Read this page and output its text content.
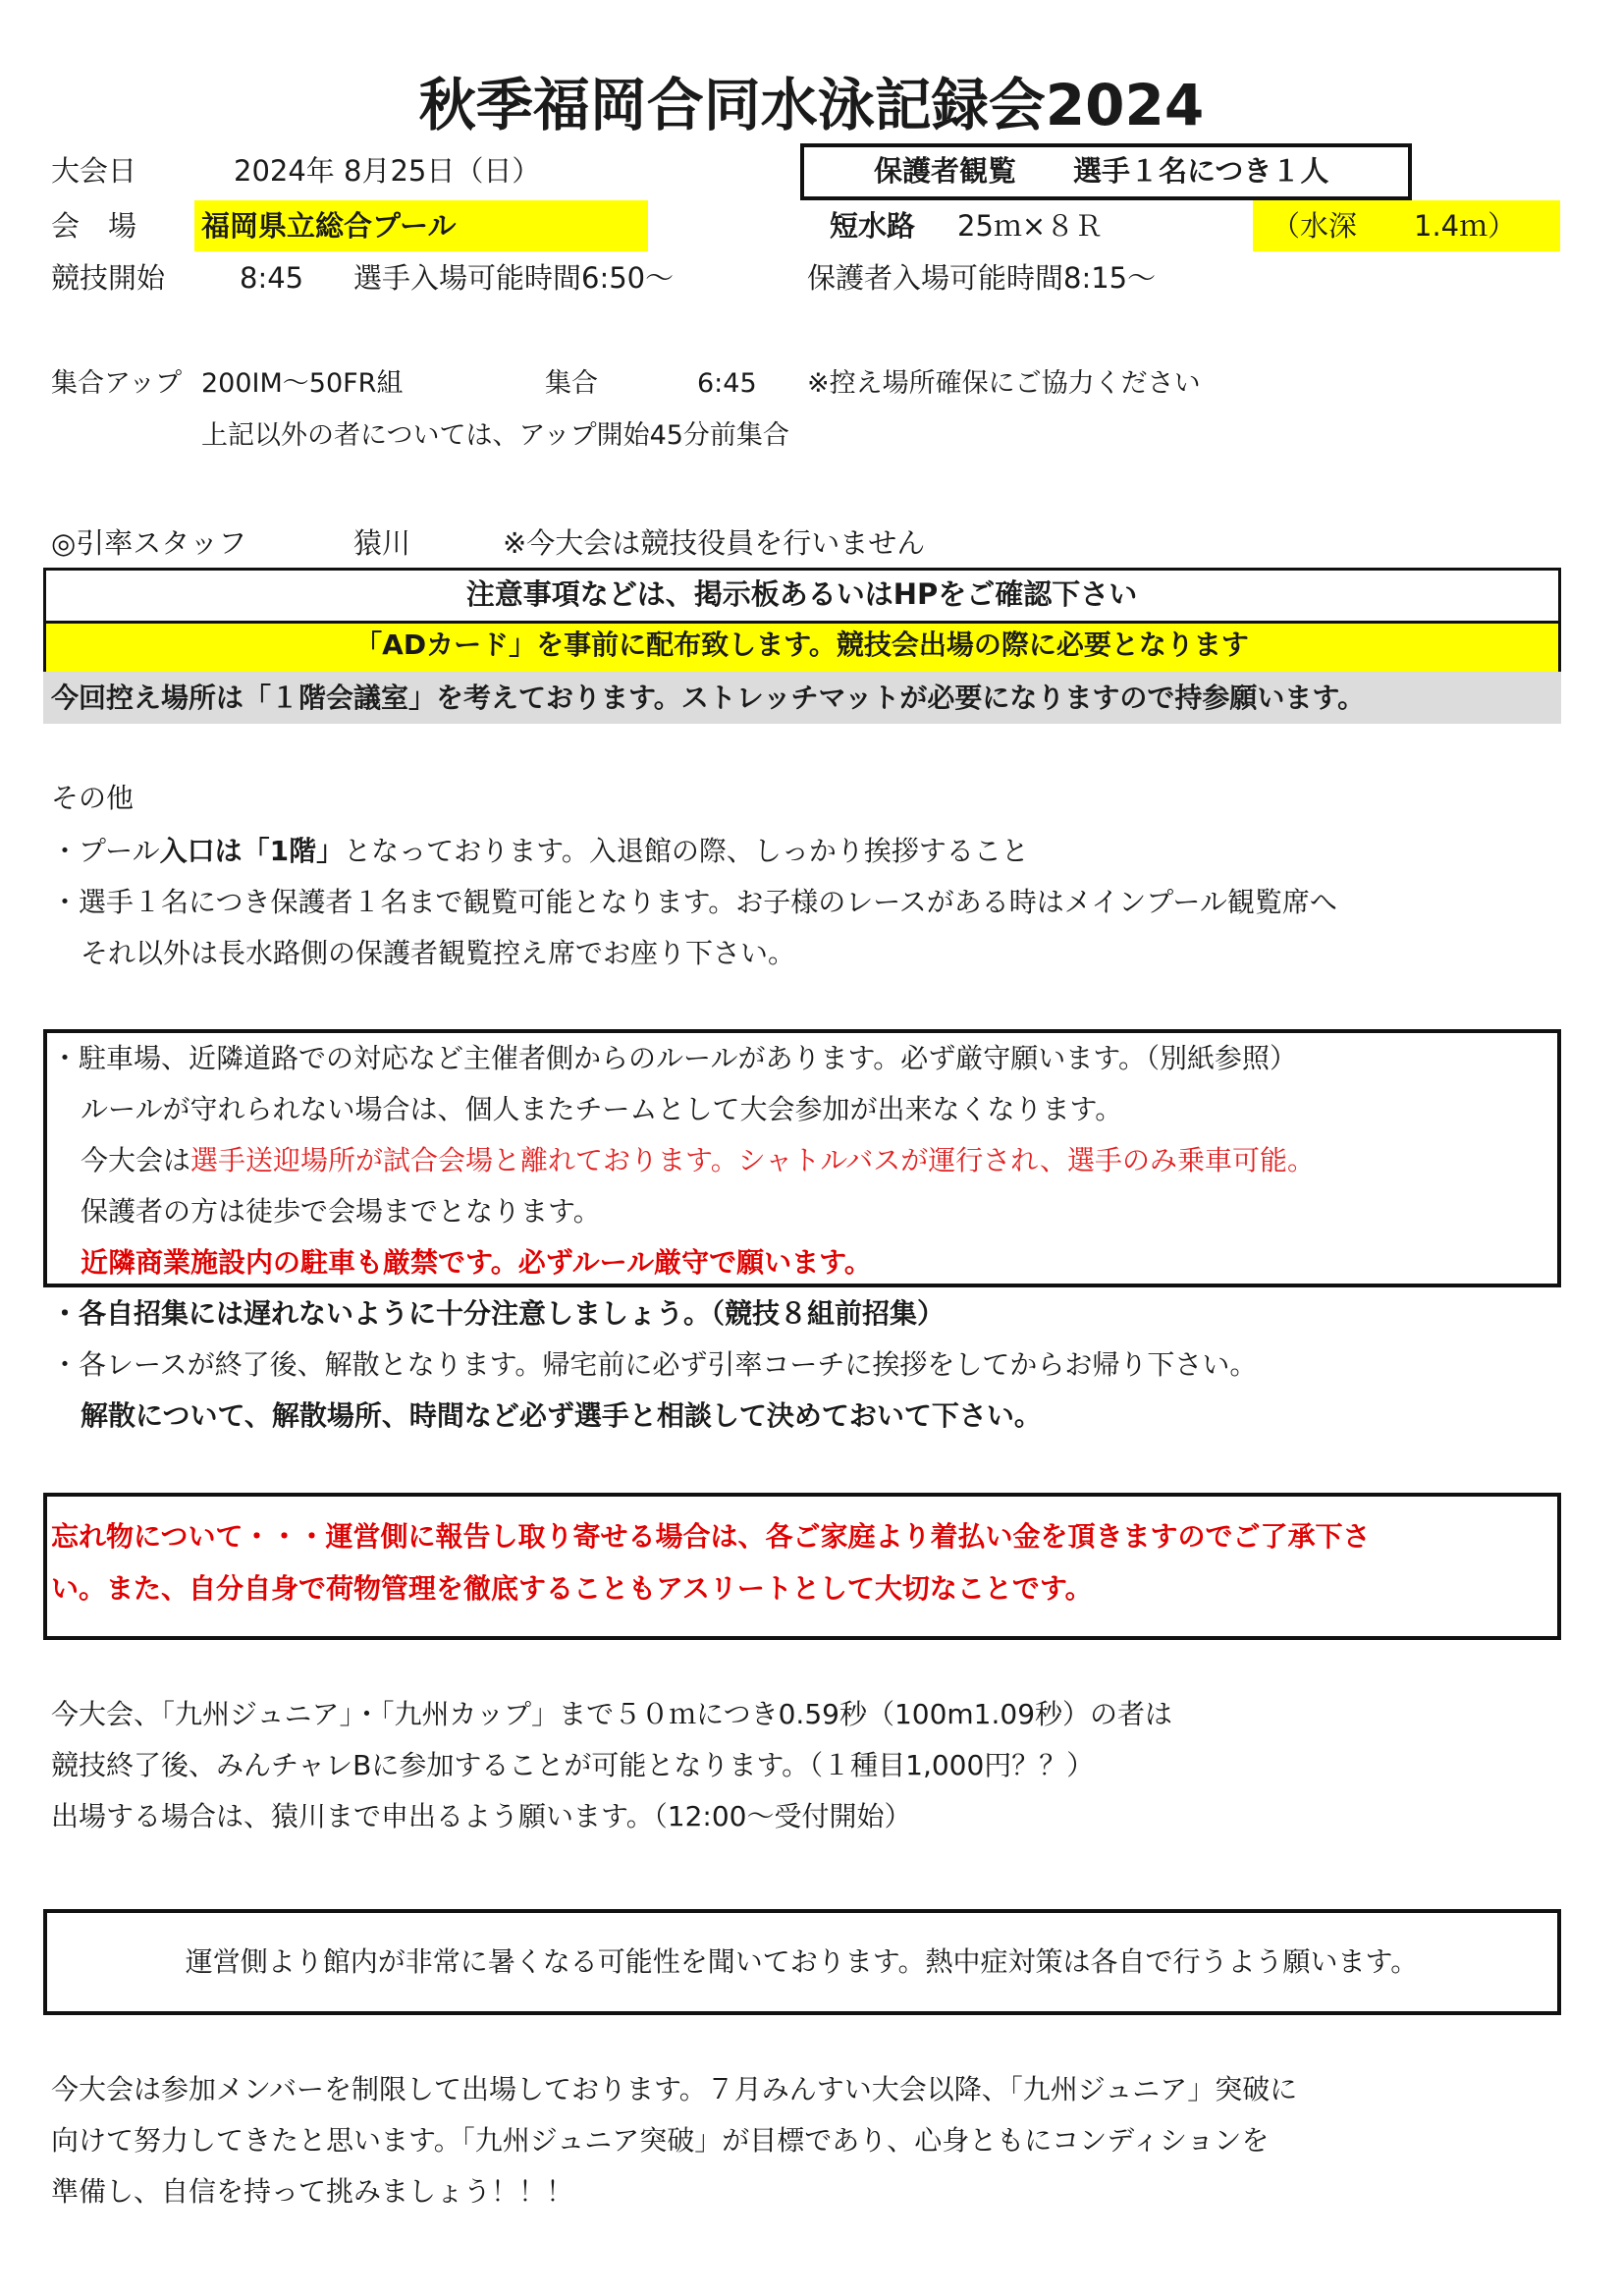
秋季福岡合同水泳記録会2024
大会日	2024年 8月25日（日）	保護者観覧　　選手１名につき１人
会　場 福岡県立総合プール	短水路 25ｍ×８Ｒ	（水深　　1.4ｍ）
競技開始	8:45 選手入場可能時間6:50〜	保護者入場可能時間8:15〜
集合アップ 200IM〜50FR組	集合	6:45 ※控え場所確保にご協力ください
上記以外の者については、アップ開始45分前集合
◎引率スタッフ	猿川	※今大会は競技役員を行いません
注意事項などは、掲示板あるいはHPをご確認下さい
「ADカード」を事前に配布致します。競技会出場の際に必要となります
今回控え場所は「１階会議室」を考えております。ストレッチマットが必要になりますので持参願います。
その他
・プール入口は「1階」となっております。入退館の際、しっかり挨拶すること
・選手１名につき保護者１名まで観覧可能となります。お子様のレースがある時はメインプール観覧席へ
それ以外は長水路側の保護者観覧控え席でお座り下さい。
・駐車場、近隣道路での対応など主催者側からのルールがあります。必ず厳守願います。（別紙参照）
ルールが守れられない場合は、個人またチームとして大会参加が出来なくなります。
今大会は選手送迎場所が試合会場と離れております。シャトルバスが運行され、選手のみ乗車可能。
保護者の方は徒歩で会場までとなります。
近隣商業施設内の駐車も厳禁です。必ずルール厳守で願います。
・各自招集には遅れないように十分注意しましょう。（競技８組前招集）
・各レースが終了後、解散となります。帰宅前に必ず引率コーチに挨拶をしてからお帰り下さい。
解散について、解散場所、時間など必ず選手と相談して決めておいて下さい。
忘れ物について・・・運営側に報告し取り寄せる場合は、各ご家庭より着払い金を頂きますのでご了承下さ
い。また、自分自身で荷物管理を徹底することもアスリートとして大切なことです。
今大会、「九州ジュニア」・「九州カップ」まで５０ｍにつき0.59秒（100m1.09秒）の者は
競技終了後、みんチャレBに参加することが可能となります。（１種目1,000円？？）
出場する場合は、猿川まで申出るよう願います。（12:00〜受付開始）
運営側より館内が非常に暑くなる可能性を聞いております。熱中症対策は各自で行うよう願います。
今大会は参加メンバーを制限して出場しております。７月みんすい大会以降、「九州ジュニア」突破に
向けて努力してきたと思います。「九州ジュニア突破」が目標であり、心身ともにコンディションを
準備し、自信を持って挑みましょう！！！
